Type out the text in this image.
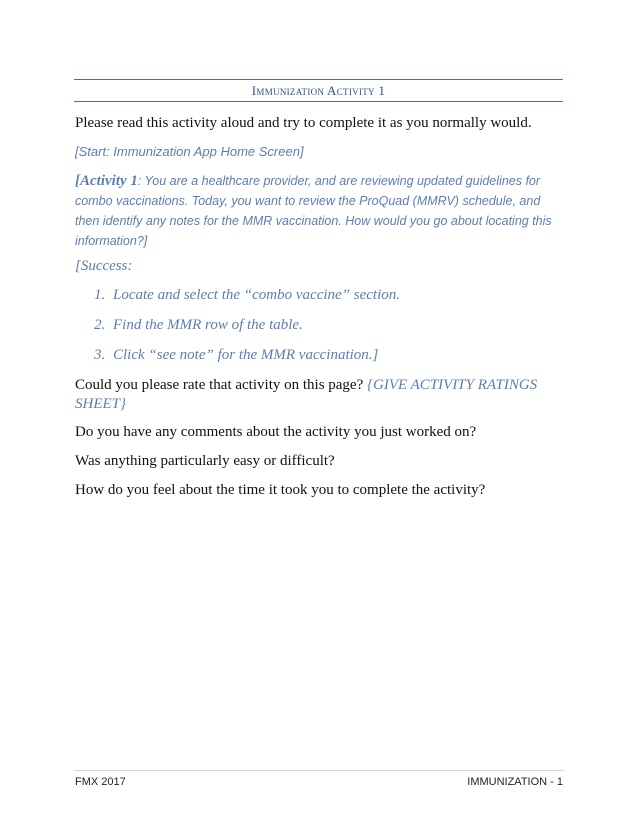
Immunization Activity 1
Please read this activity aloud and try to complete it as you normally would.
[Start: Immunization App Home Screen]
[Activity 1: You are a healthcare provider, and are reviewing updated guidelines for
combo vaccinations. Today, you want to review the ProQuad (MMRV) schedule, and
then identify any notes for the MMR vaccination. How would you go about locating this
information?]
[Success:
1. Locate and select the “combo vaccine” section.
2. Find the MMR row of the table.
3. Click “see note” for the MMR vaccination.]
Could you please rate that activity on this page? {GIVE ACTIVITY RATINGS SHEET}
Do you have any comments about the activity you just worked on?
Was anything particularly easy or difficult?
How do you feel about the time it took you to complete the activity?
FMX 2017	IMMUNIZATION - 1
